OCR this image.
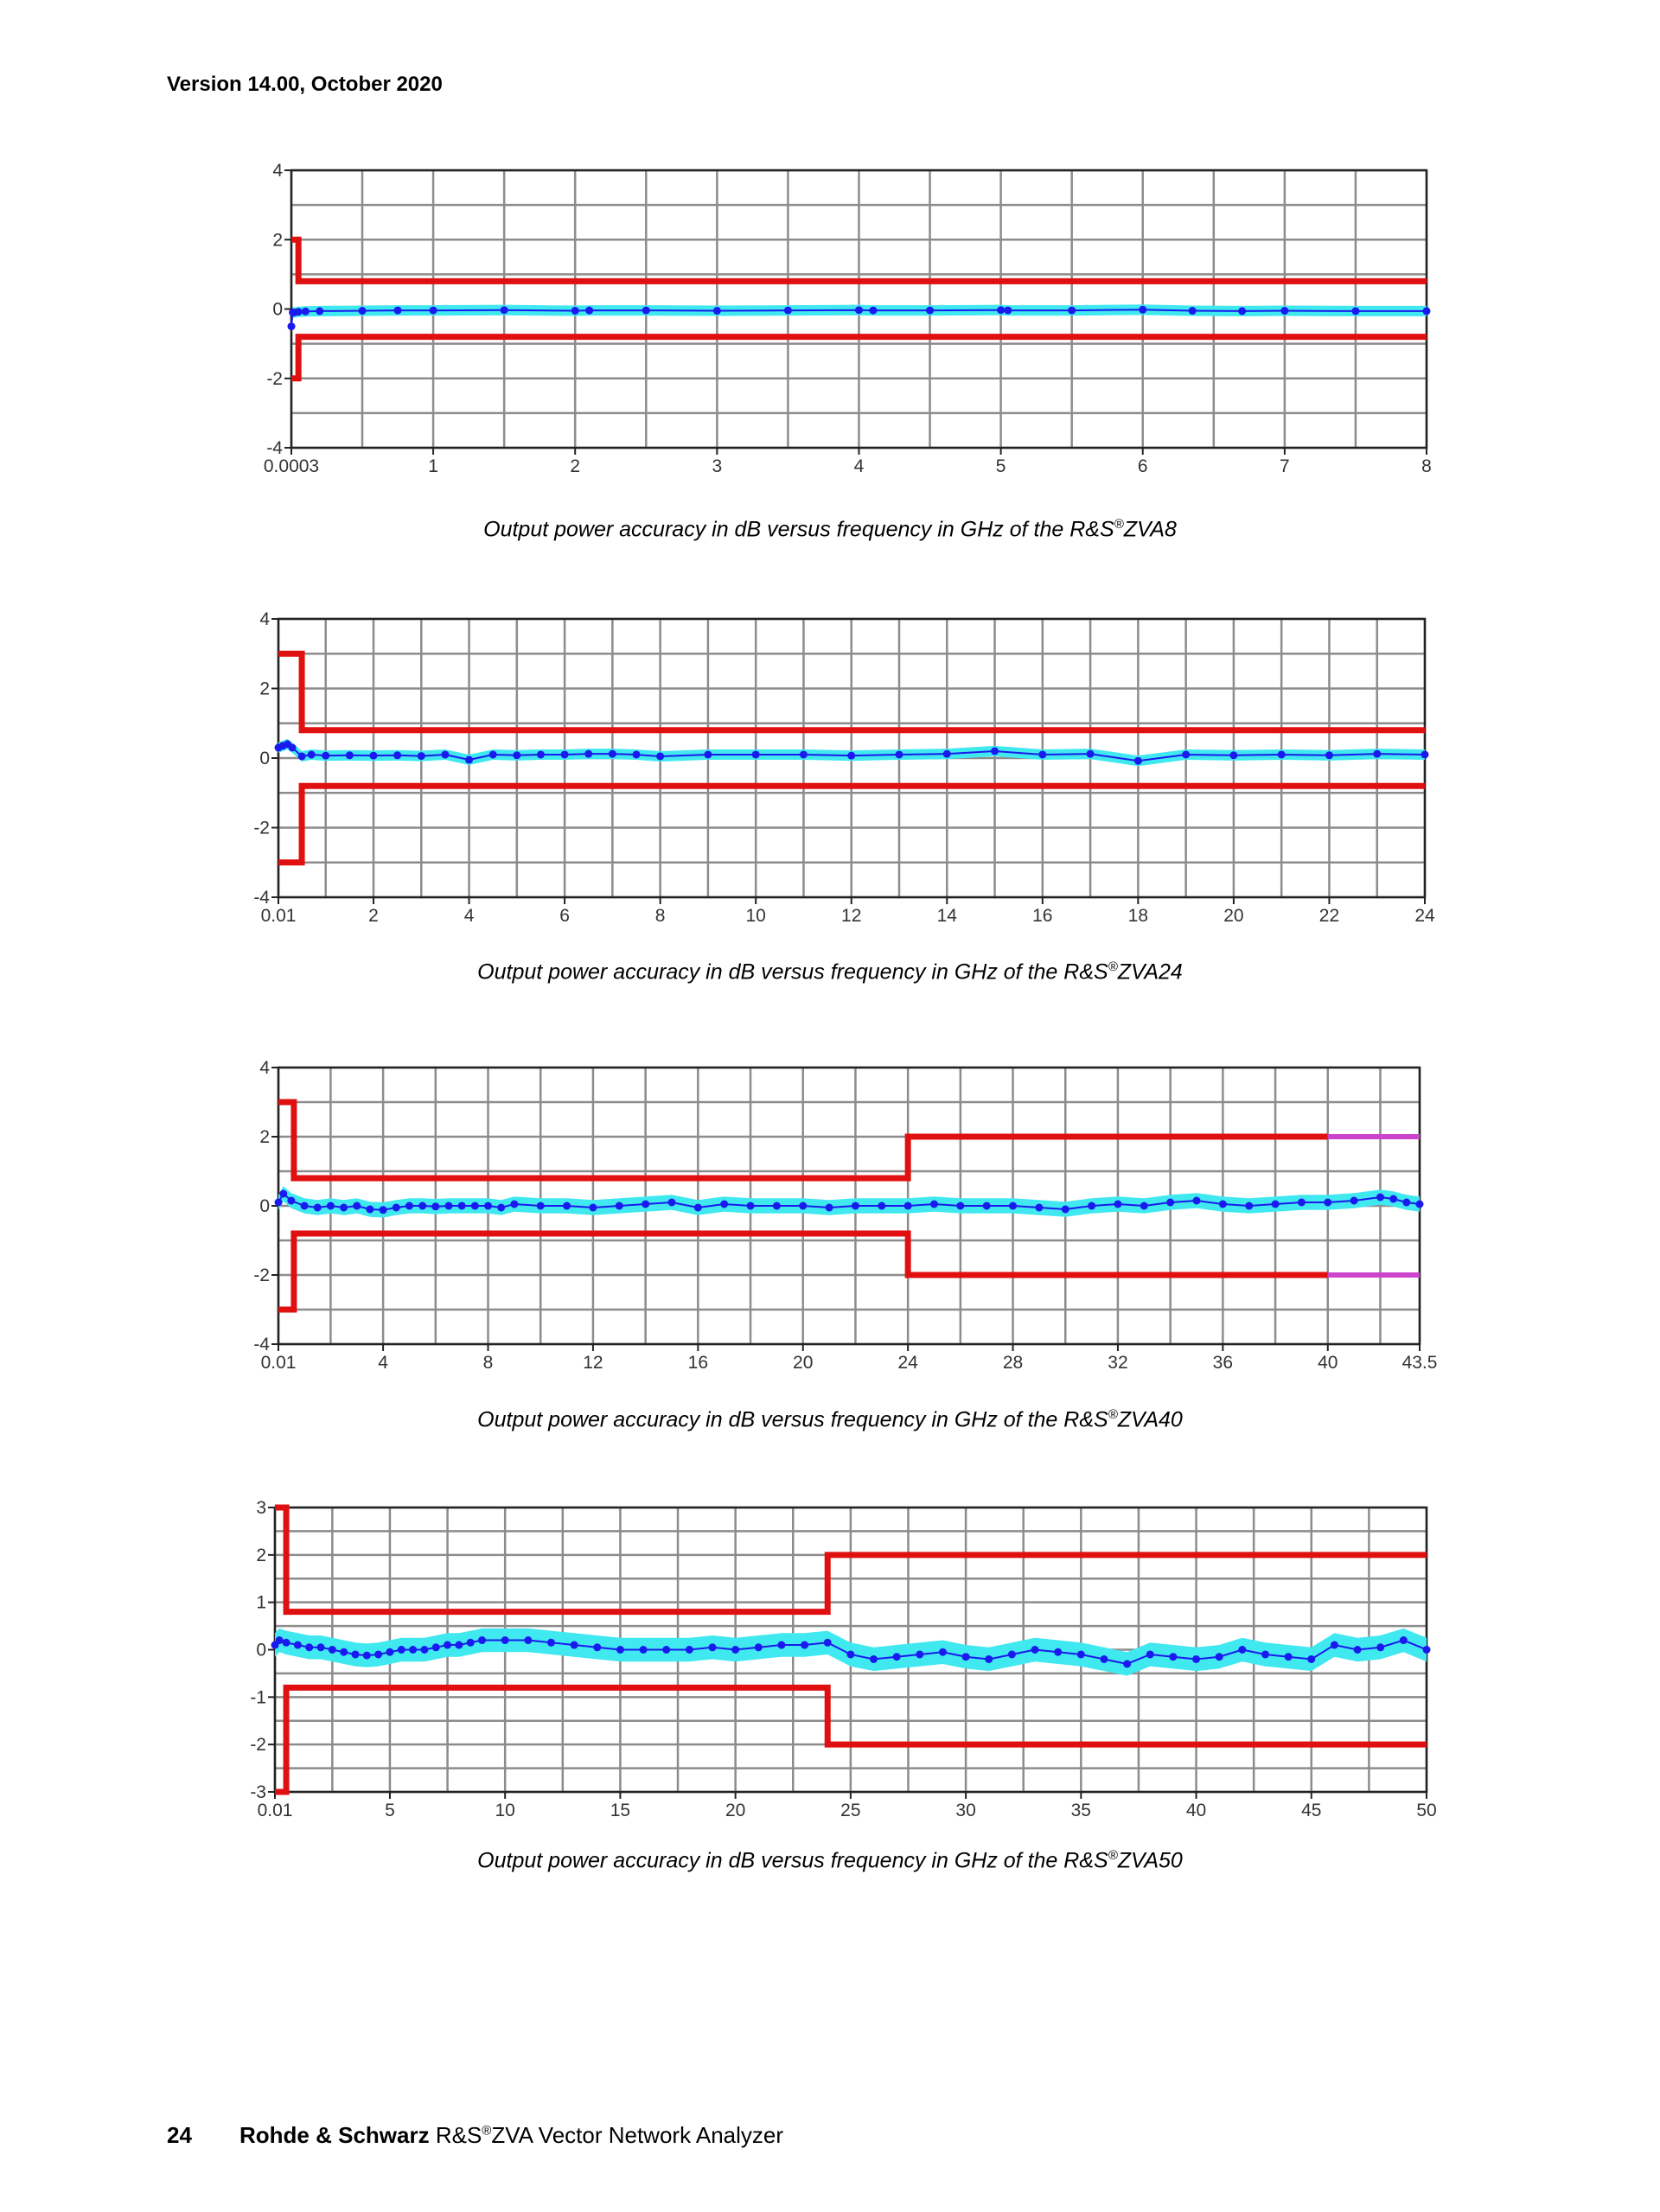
Version 14.00, October 2020
-4
-2
0
2
4
0.0003	1	2	3	4	5	6	7	8
Output power accuracy in dB versus frequency in GHz of the R&S®ZVA8
-4
-2
0
2
4
0.01	2	4	6	8	10	12	14	16	18	20	22	24
Output power accuracy in dB versus frequency in GHz of the R&S®ZVA24
-4
-2
0
2
4
0.01	4	8	12	16	20	24	28	32	36	40	43.5
Output power accuracy in dB versus frequency in GHz of the R&S®ZVA40
-3
-2
-1
0
1
2
3
0.01	5	10	15	20	25	30	35	40	45	50
Output power accuracy in dB versus frequency in GHz of the R&S®ZVA50
24 Rohde & Schwarz R&S®ZVA Vector Network Analyzer
